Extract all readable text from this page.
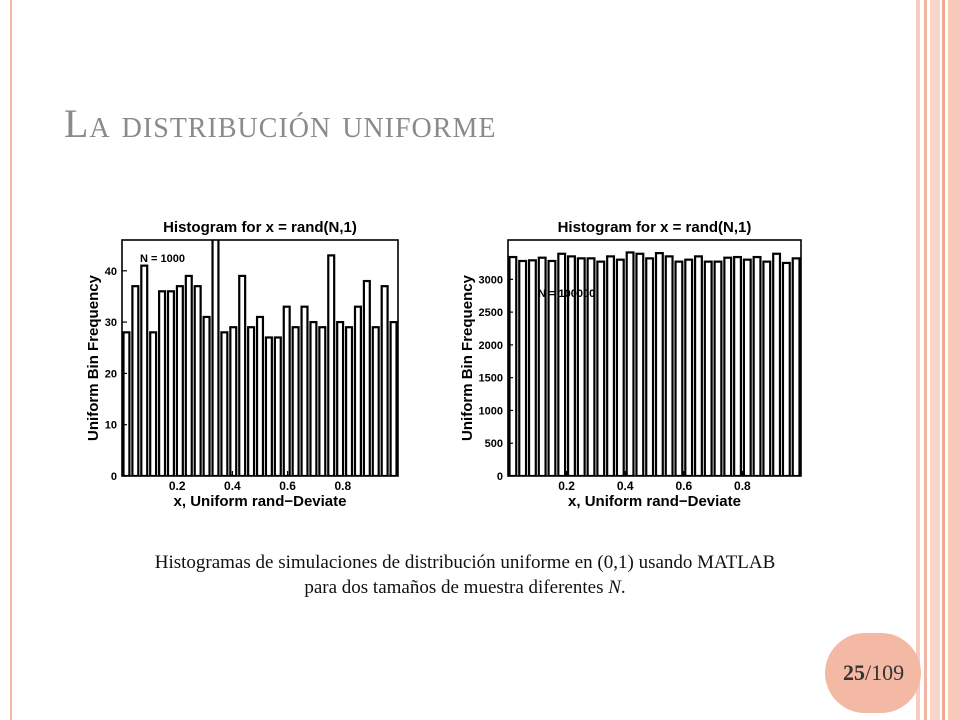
La distribución uniforme
Histogram for x = rand(N,1)
0
10
20
30
40
0.2	0.4	0.6	0.8
x, Uniform rand−Deviate
Uniform Bin Frequency
N = 1000
Histogram for x = rand(N,1)
0
500
1000
1500
2000
2500
3000
0.2	0.4	0.6	0.8
x, Uniform rand−Deviate
Uniform Bin Frequency	N = 100000
Histogramas de simulaciones de distribución uniforme en (0,1) usando MATLAB
para dos tamaños de muestra diferentes N.
25/109
